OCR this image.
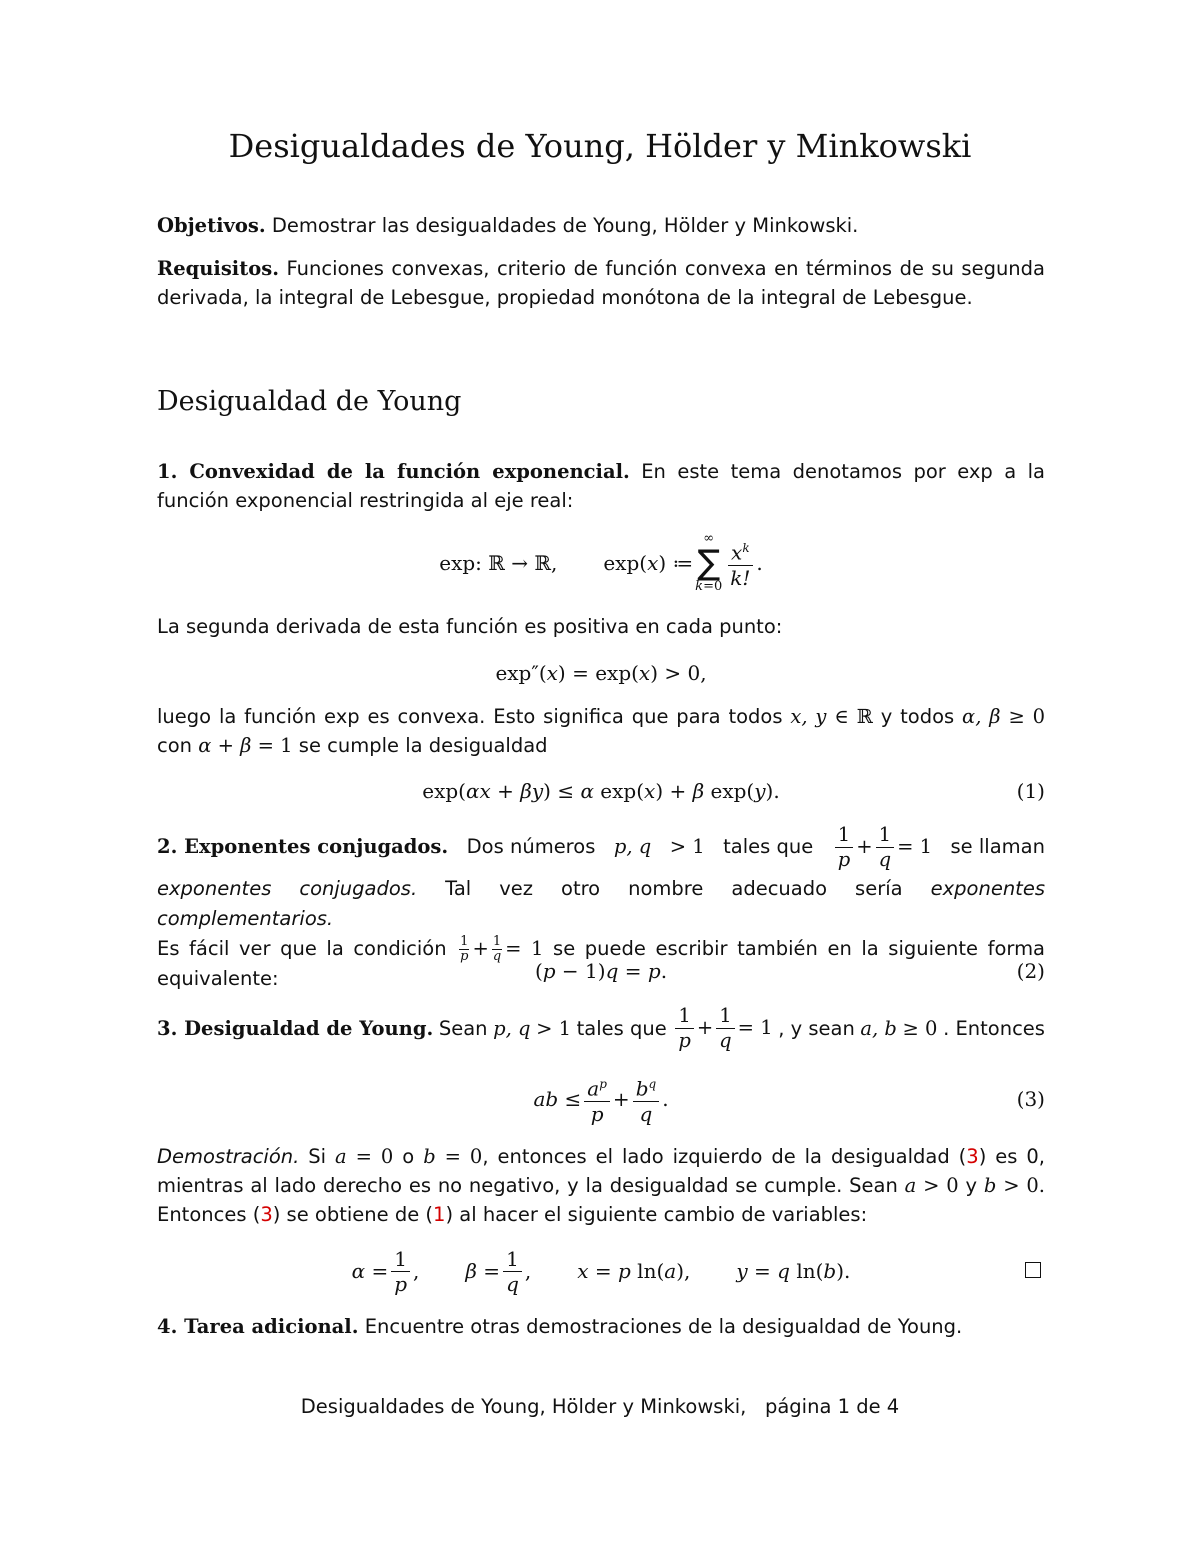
Desigualdades de Young, Hölder y Minkowski

Objetivos. Demostrar las desigualdades de Young, Hölder y Minkowski.

Requisitos. Funciones convexas, criterio de función convexa en términos de su segunda derivada, la integral de Lebesgue, propiedad monótona de la integral de Lebesgue.

Desigualdad de Young

1. Convexidad de la función exponencial. En este tema denotamos por exp a la función exponencial restringida al eje real:

exp: ℝ → ℝ, exp(x) ≔
∞
∑
$k=0 \frac{x^k}{k!}$ .

La segunda derivada de esta función es positiva en cada punto:

exp″(x) = exp(x) > 0,

luego la función exp es convexa. Esto significa que para todos x, y ∈ ℝ y todos α, β ≥ 0 con α + β = 1 se cumple la desigualdad

exp(αx + βy) ≤ α exp(x) + β exp(y).	(1)
2. Exponentes conjugados. Dos números p, q > 1 tales que $\frac{1}{p} + \frac{1}{q} = 1$ se llaman
exponentes conjugados. Tal vez otro nombre adecuado sería exponentes complementarios.
Es fácil ver que la condición $\frac{1}{p} + \frac{1}{q} = 1$ se puede escribir también en la siguiente forma equivalente:	(p − 1)q = p.	(2)
3. Desigualdad de Young. Sean p, q > 1 tales que $\frac{1}{p} + \frac{1}{q} = 1$ , y sean a, b ≥ 0 . Entonces
ab ≤ $\frac{a^p}{p} + \frac{b^q}{q}$ .	(3)

Demostración. Si a = 0 o b = 0, entonces el lado izquierdo de la desigualdad (3) es 0, mientras al lado derecho es no negativo, y la desigualdad se cumple. Sean a > 0 y b > 0. Entonces (3) se obtiene de (1) al hacer el siguiente cambio de variables:

$\alpha = \frac{1}{p}$ , $\beta = \frac{1}{q}$ , x = p ln(a), y = q ln(b).

4. Tarea adicional. Encuentre otras demostraciones de la desigualdad de Young.

Desigualdades de Young, Hölder y Minkowski, página 1 de 4
